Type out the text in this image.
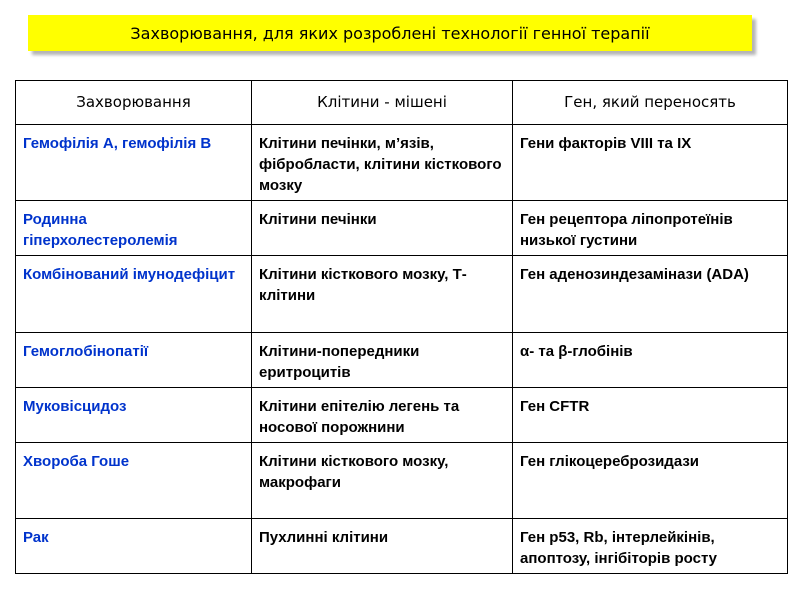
Захворювання, для яких розроблені технології генної терапії
Захворювання	Клітини - мішені	Ген, який переносять
Гемофілія А, гемофілія В	Клітини печінки, м’язів, фібробласти, клітини кісткового мозку	Гени факторів VIII та IX
Родинна гіперхолестеролемія	Клітини печінки	Ген рецептора ліпопротеїнів низької густини
Комбінований імунодефіцит	Клітини кісткового мозку, Т-клітини	Ген аденозиндезамінази (ADA)
Гемоглобінопатії	Клітини-попередники еритроцитів	α- та β-глобінів
Муковісцидоз	Клітини епітелію легень та носової порожнини	Ген CFTR
Хвороба Гоше	Клітини кісткового мозку, макрофаги	Ген глікоцереброзидази
Рак	Пухлинні клітини	Ген p53, Rb, інтерлейкінів, апоптозу, інгібіторів росту
